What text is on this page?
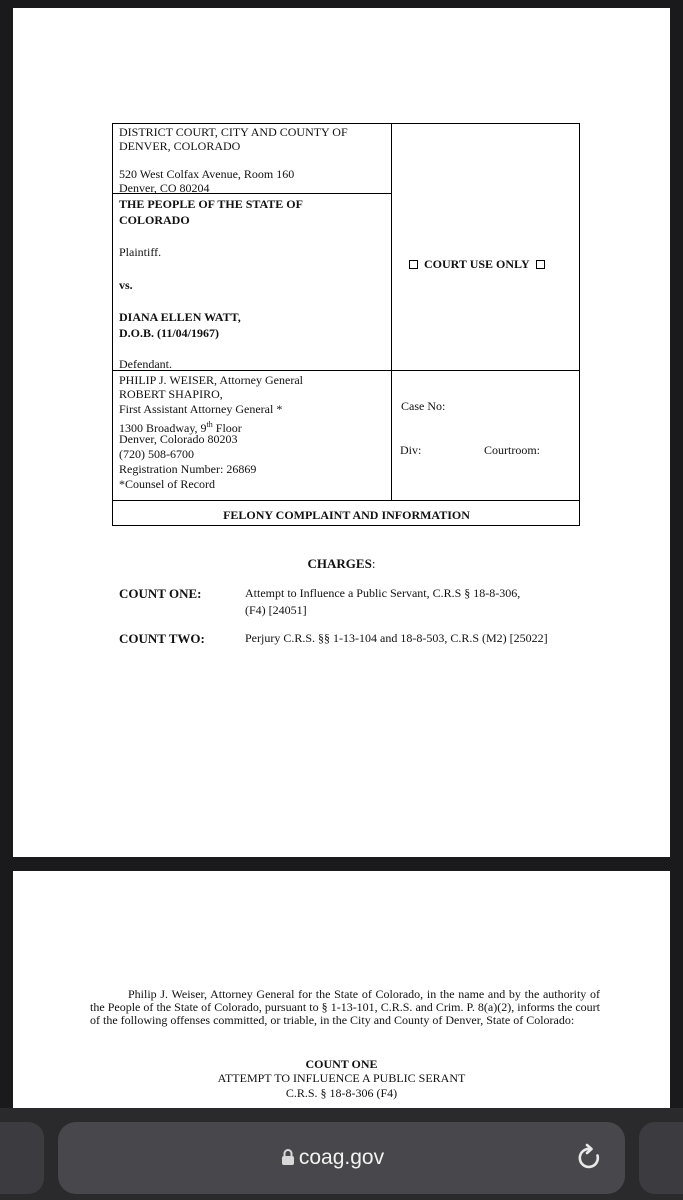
DISTRICT COURT, CITY AND COUNTY OF
DENVER, COLORADO
520 West Colfax Avenue, Room 160
Denver, CO 80204
THE PEOPLE OF THE STATE OF
COLORADO
Plaintiff.
vs.
DIANA ELLEN WATT,
D.O.B. (11/04/1967)
Defendant.
COURT USE ONLY
PHILIP J. WEISER, Attorney General
ROBERT SHAPIRO,
First Assistant Attorney General *
1300 Broadway, 9th Floor
Denver, Colorado 80203
(720) 508-6700
Registration Number: 26869
*Counsel of Record
Case No:
Div:	Courtroom:
FELONY COMPLAINT AND INFORMATION
CHARGES:
COUNT ONE:	Attempt to Influence a Public Servant, C.R.S § 18-8-306,
(F4) [24051]
COUNT TWO:	Perjury C.R.S. §§ 1-13-104 and 18-8-503, C.R.S (M2) [25022]
Philip J. Weiser, Attorney General for the State of Colorado, in the name and by the authority of the People of the State of Colorado, pursuant to § 1-13-101, C.R.S. and Crim. P. 8(a)(2), informs the court of the following offenses committed, or triable, in the City and County of Denver, State of Colorado:
COUNT ONE
ATTEMPT TO INFLUENCE A PUBLIC SERANT
C.R.S. § 18-8-306 (F4)
coag.gov
